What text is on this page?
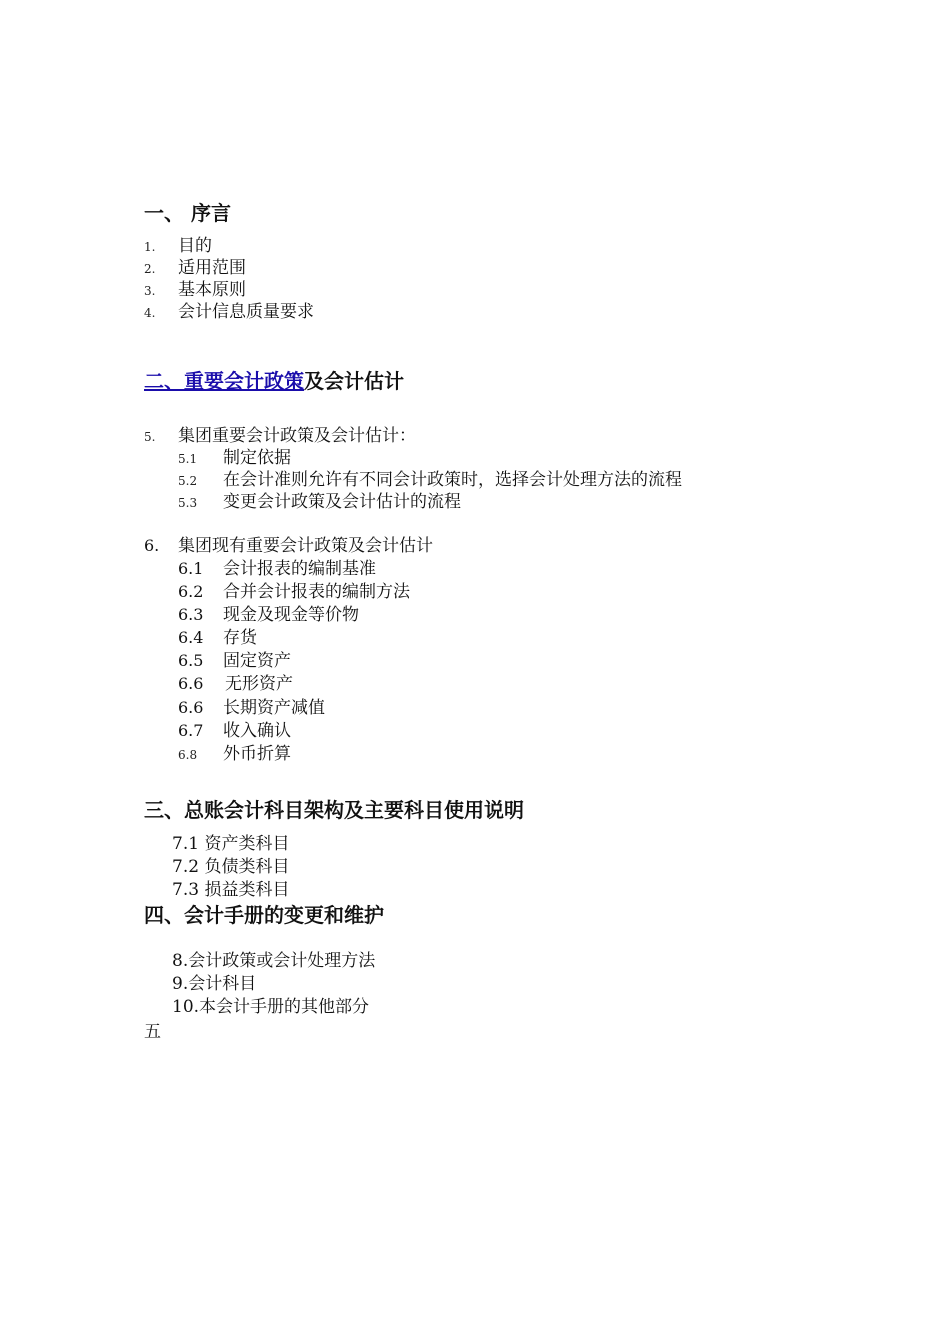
一、 序言
1. 目的
2. 适用范围
3. 基本原则
4. 会计信息质量要求
二、重要会计政策及会计估计
5. 集团重要会计政策及会计估计：
5.1 制定依据
5.2 在会计准则允许有不同会计政策时，选择会计处理方法的流程
5.3 变更会计政策及会计估计的流程
6. 集团现有重要会计政策及会计估计
6.1 会计报表的编制基准
6.2 合并会计报表的编制方法
6.3 现金及现金等价物
6.4 存货
6.5 固定资产
6.6 无形资产
6.6 长期资产减值
6.7 收入确认
6.8 外币折算
三、总账会计科目架构及主要科目使用说明
7.1 资产类科目
7.2 负债类科目
7.3 损益类科目
四、会计手册的变更和维护
8.会计政策或会计处理方法
9.会计科目
10.本会计手册的其他部分
五
